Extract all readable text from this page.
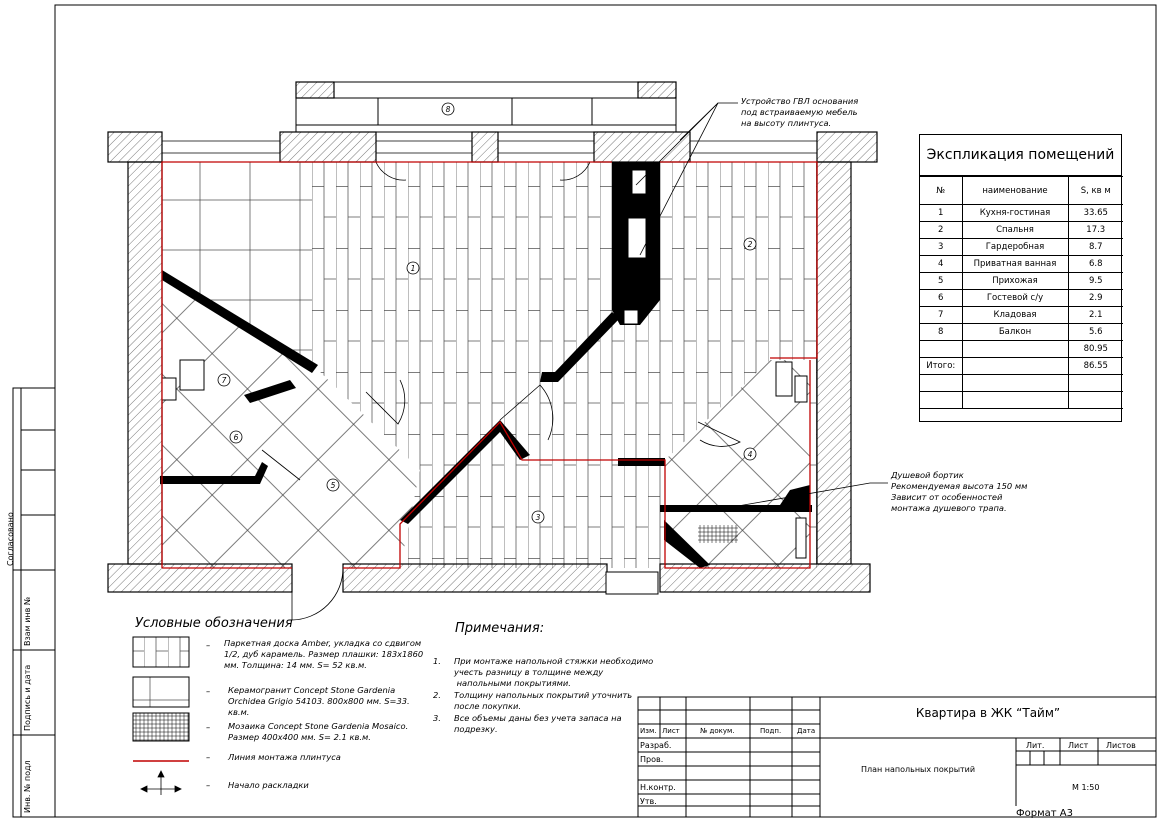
1
2
3
4
5
6
7
8
Экспликация помещений
№	наименование	S, кв м
1	Кухня-гостиная	33.65
2	Спальня	17.3
3	Гардеробная	8.7
4	Приватная ванная	6.8
5	Прихожая	9.5
6	Гостевой с/у	2.9
7	Кладовая	2.1
8	Балкон	5.6
		80.95
Итого:		86.55

Устройство ГВЛ основания
под встраиваемую мебель
на высоту плинтуса.
Душевой бортик
Рекомендуемая высота 150 мм
Зависит от особенностей
монтажа душевого трапа.
Условные обозначения
– Паркетная доска Amber, укладка со сдвигом
1/2, дуб карамель. Размер плашки: 183х1860
мм. Толщина: 14 мм. S= 52 кв.м.
– Керамогранит Concept Stone Gardenia
Orchidea Grigio 54103. 800х800 мм. S=33.
кв.м.
– Мозаика Concept Stone Gardenia Mosaico.
Размер 400х400 мм. S= 2.1 кв.м.
– Линия монтажа плинтуса
– Начало раскладки
Примечания:
1. При монтаже напольной стяжки необходимо
учесть разницу в толщине между
напольными покрытиями.
2. Толщину напольных покрытий уточнить
после покупки.
3. Все объемы даны без учета запаса на
подрезку.
Квартира в ЖК “Тайм”
План напольных покрытий
Изм. Лист	№ докум.	Подп. Дата
Разраб.
Пров.
Н.контр.
Утв.
Лит.	Лист Листов
М 1:50
Формат А3
Согласовано
Взам инв №
Подпись и дата
Инв. № подл
